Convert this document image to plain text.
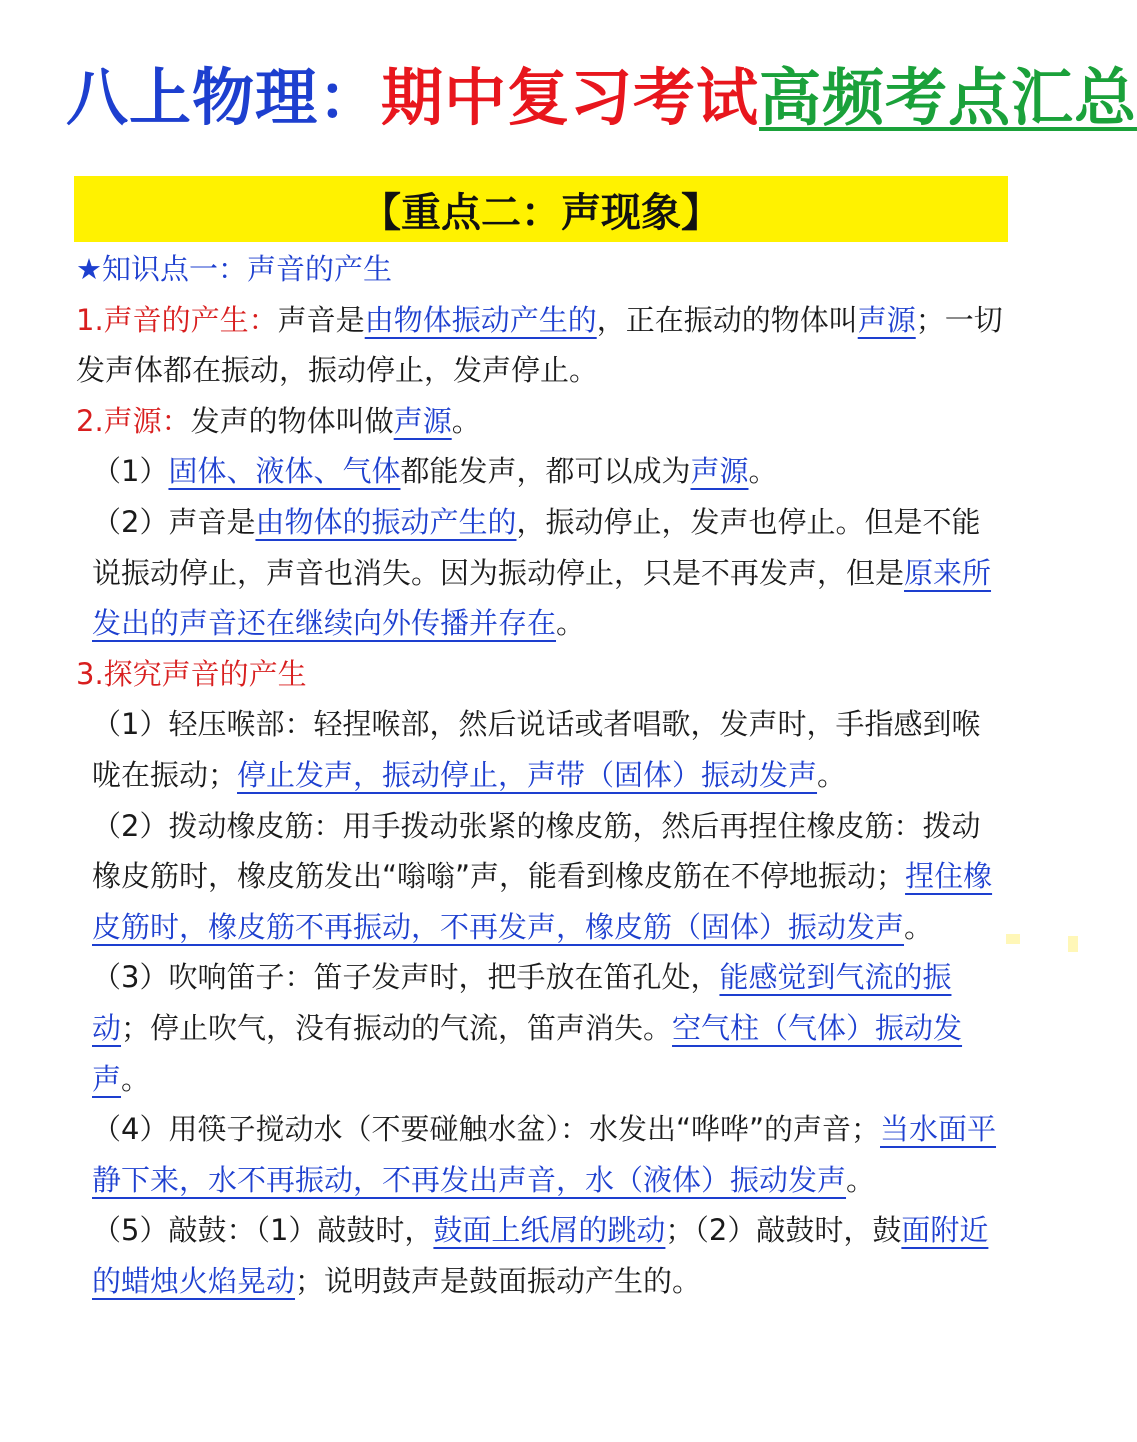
八上物理：期中复习考试高频考点汇总
【重点二：声现象】

★知识点一：声音的产生

1.声音的产生：声音是由物体振动产生的，正在振动的物体叫声源；一切发声体都在振动，振动停止，发声停止。

2.声源：发声的物体叫做声源。

（1）固体、液体、气体都能发声，都可以成为声源。

（2）声音是由物体的振动产生的，振动停止，发声也停止。但是不能说振动停止，声音也消失。因为振动停止，只是不再发声，但是原来所发出的声音还在继续向外传播并存在。

3.探究声音的产生

（1）轻压喉部：轻捏喉部，然后说话或者唱歌，发声时，手指感到喉咙在振动；停止发声，振动停止，声带（固体）振动发声。

（2）拨动橡皮筋：用手拨动张紧的橡皮筋，然后再捏住橡皮筋：拨动橡皮筋时，橡皮筋发出“嗡嗡”声，能看到橡皮筋在不停地振动；捏住橡皮筋时，橡皮筋不再振动，不再发声，橡皮筋（固体）振动发声。

（3）吹响笛子：笛子发声时，把手放在笛孔处，能感觉到气流的振动；停止吹气，没有振动的气流，笛声消失。空气柱（气体）振动发声。

（4）用筷子搅动水（不要碰触水盆）：水发出“哗哗”的声音；当水面平静下来，水不再振动，不再发出声音，水（液体）振动发声。

（5）敲鼓：（1）敲鼓时，鼓面上纸屑的跳动；（2）敲鼓时，鼓面附近的蜡烛火焰晃动；说明鼓声是鼓面振动产生的。
